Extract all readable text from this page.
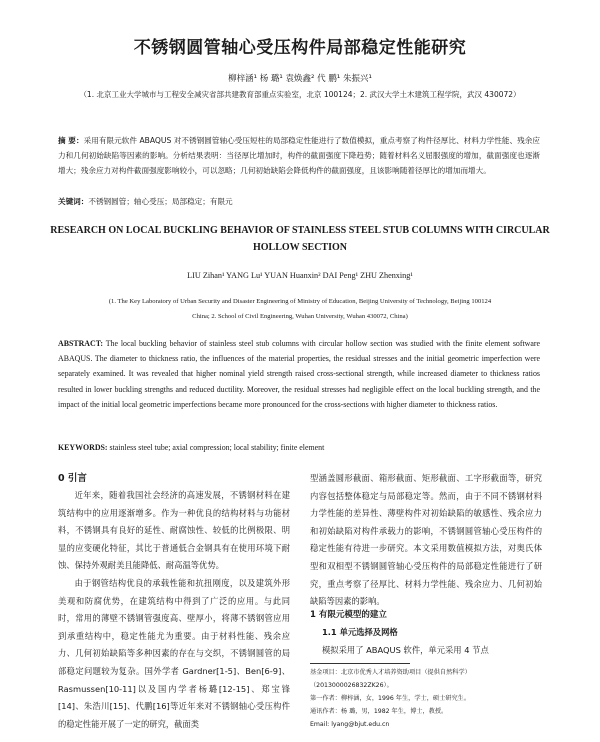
不锈钢圆管轴心受压构件局部稳定性能研究
柳梓涵¹ 杨 璐¹ 袁焕鑫² 代 鹏¹ 朱振兴¹
（1. 北京工业大学城市与工程安全减灾省部共建教育部重点实验室，北京 100124；2. 武汉大学土木建筑工程学院，武汉 430072）
摘 要：采用有限元软件 ABAQUS 对不锈钢圆管轴心受压短柱的局部稳定性能进行了数值模拟，重点考察了构件径厚比、材料力学性能、残余应力和几何初始缺陷等因素的影响。分析结果表明：当径厚比增加时，构件的截面强度下降趋势；随着材料名义屈服强度的增加，截面强度也逐渐增大；残余应力对构件截面强度影响较小，可以忽略；几何初始缺陷会降低构件的截面强度，且该影响随着径厚比的增加而增大。
关键词：不锈钢圆管；轴心受压；局部稳定；有限元
RESEARCH ON LOCAL BUCKLING BEHAVIOR OF STAINLESS STEEL STUB COLUMNS WITH CIRCULAR HOLLOW SECTION
LIU Zihan¹ YANG Lu¹ YUAN Huanxin² DAI Peng¹ ZHU Zhenxing¹
(1. The Key Laboratory of Urban Security and Disaster Engineering of Ministry of Education, Beijing University of Technology, Beijing 100124
China; 2. School of Civil Engineering, Wuhan University, Wuhan 430072, China)
ABSTRACT: The local buckling behavior of stainless steel stub columns with circular hollow section was studied with the finite element software ABAQUS. The diameter to thickness ratio, the influences of the material properties, the residual stresses and the initial geometric imperfection were separately examined. It was revealed that higher nominal yield strength raised cross-sectional strength, while increased diameter to thickness ratios resulted in lower buckling strengths and reduced ductility. Moreover, the residual stresses had negligible effect on the local buckling strength, and the impact of the initial local geometric imperfections became more pronounced for the cross-sections with higher diameter to thickness ratios.
KEYWORDS: stainless steel tube; axial compression; local stability; finite element
0 引言

近年来，随着我国社会经济的高速发展，不锈钢材料在建筑结构中的应用逐渐增多。作为一种优良的结构材料与功能材料，不锈钢具有良好的延性、耐腐蚀性、较低的比例极限、明显的应变硬化特征，其比于普通低合金钢具有在使用环境下耐蚀、保持外观耐美且能降低、耐高温等优势。

由于钢管结构优良的承载性能和抗扭刚度，以及建筑外形美观和防腐优势，在建筑结构中得到了广泛的应用。与此同时，常用的薄壁不锈钢管强度高、壁厚小，将薄不锈钢管应用到承重结构中，稳定性能尤为重要。由于材料性能、残余应力、几何初始缺陷等多种因素的存在与交织，不锈钢圆管的局部稳定问题较为复杂。国外学者 Gardner[1-5]、Ben[6-9]、Rasmussen[10-11]以及国内学者杨璐[12-15]、郑宝锋[14]、朱浩川[15]、代鹏[16]等近年来对不锈钢轴心受压构件的稳定性能开展了一定的研究，截面类

型涵盖圆形截面、箱形截面、矩形截面、工字形截面等，研究内容包括整体稳定与局部稳定等。然而，由于不同不锈钢材料力学性能的差异性、薄壁构件对初始缺陷的敏感性、残余应力和初始缺陷对构件承载力的影响，不锈钢圆管轴心受压构件的稳定性能有待进一步研究。本文采用数值模拟方法，对奥氏体型和双相型不锈钢圆管轴心受压构件的局部稳定性能进行了研究，重点考察了径厚比、材料力学性能、残余应力、几何初始缺陷等因素的影响。

1 有限元模型的建立
1.1 单元选择及网格
模拟采用了 ABAQUS 软件，单元采用 4 节点
基金项目：北京市优秀人才培养资助项目（提供自然科学）
（2013000026832ZK26）。
第一作者：柳梓涵，女，1996 年生，学士，硕士研究生。
通讯作者：杨 璐，男，1982 年生，博士，教授。
Email: lyang@bjut.edu.cn
